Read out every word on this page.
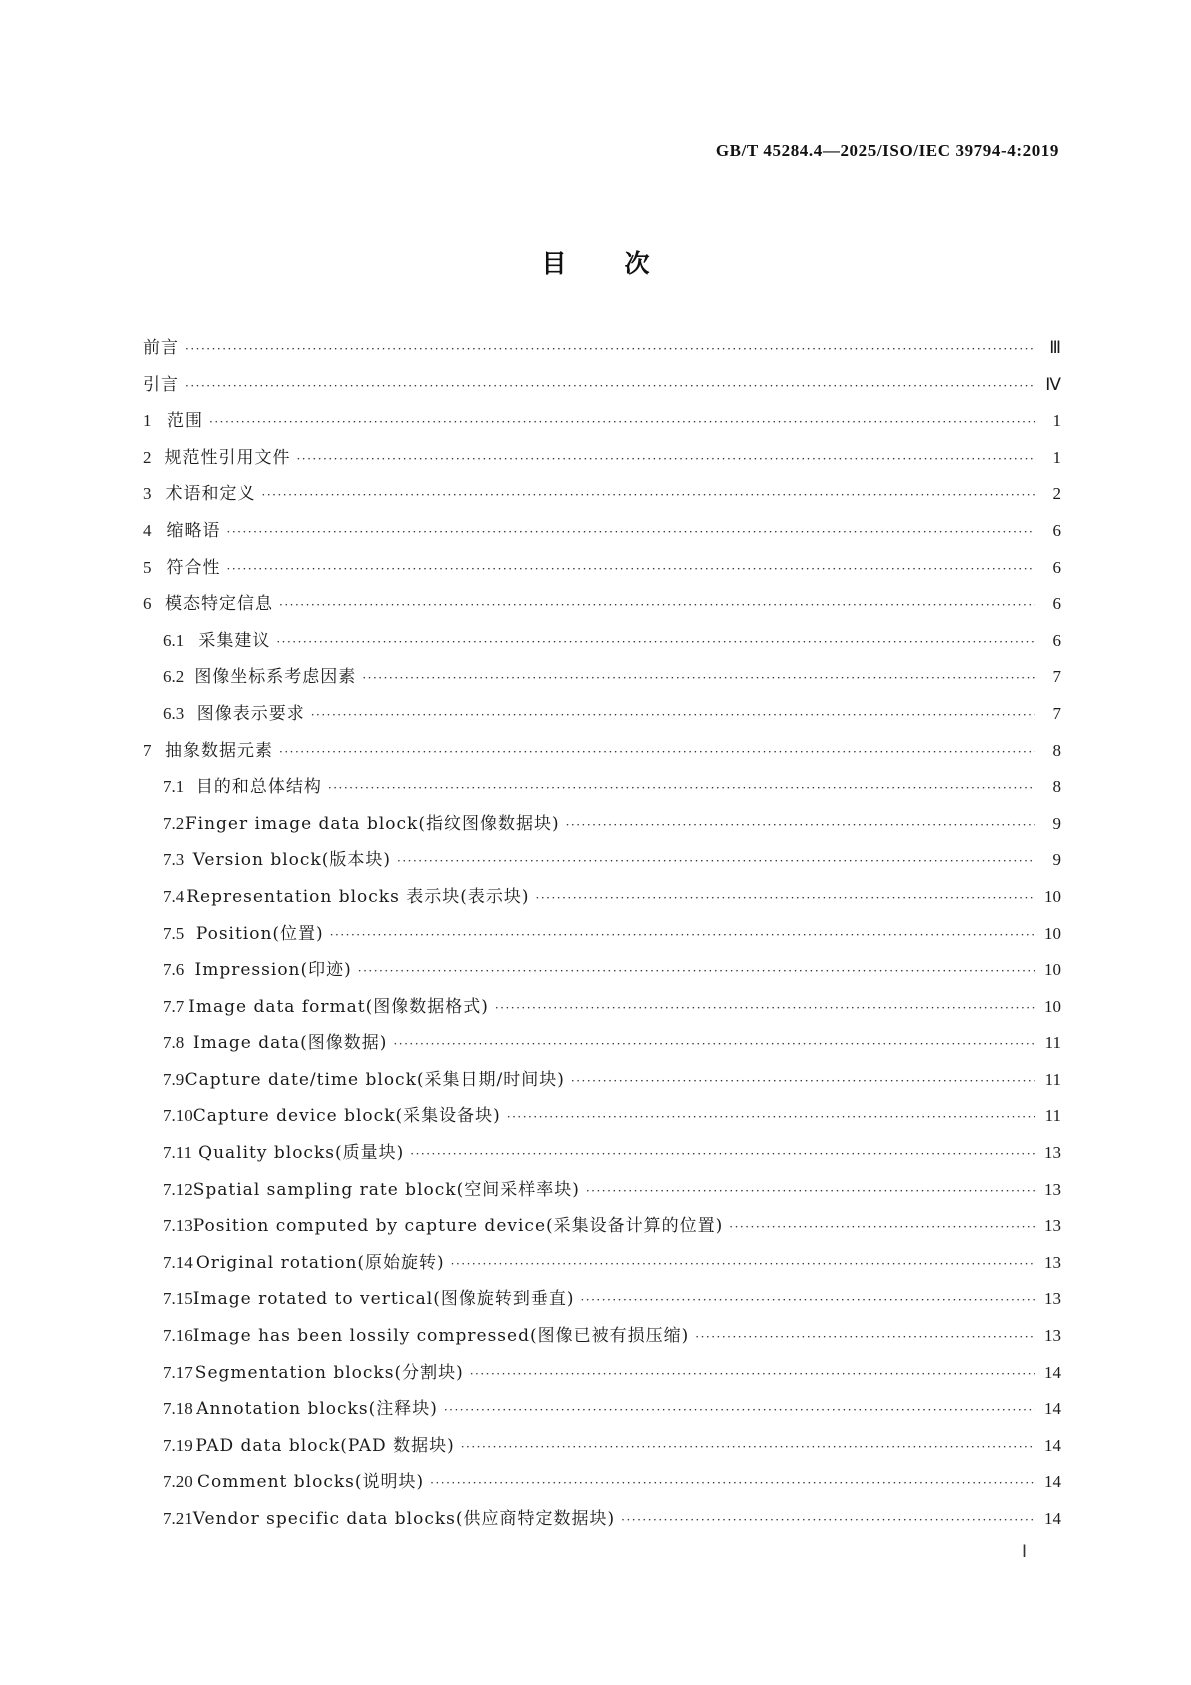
GB/T 45284.4—2025/ISO/IEC 39794-4:2019
目次
前言 ·····	Ⅲ
引言 ·····	Ⅳ
1 范围 ·····	1
2 规范性引用文件 ·····	1
3 术语和定义 ·····	2
4 缩略语 ·····	6
5 符合性 ·····	6
6 模态特定信息 ·····	6
6.1 采集建议 ·····	6
6.2 图像坐标系考虑因素 ·····	7
6.3 图像表示要求 ·····	7
7 抽象数据元素 ·····	8
7.1 目的和总体结构 ·····	8
7.2 Finger image data block(指纹图像数据块) ·····	9
7.3 Version block(版本块) ·····	9
7.4 Representation blocks 表示块(表示块) ·····	10
7.5 Position(位置) ·····	10
7.6 Impression(印迹) ·····	10
7.7 Image data format(图像数据格式) ·····	10
7.8 Image data(图像数据) ·····	11
7.9 Capture date/time block(采集日期/时间块) ·····	11
7.10 Capture device block(采集设备块) ·····	11
7.11 Quality blocks(质量块) ·····	13
7.12 Spatial sampling rate block(空间采样率块) ·····	13
7.13 Position computed by capture device(采集设备计算的位置) ·····	13
7.14 Original rotation(原始旋转) ·····	13
7.15 Image rotated to vertical(图像旋转到垂直) ·····	13
7.16 Image has been lossily compressed(图像已被有损压缩) ·····	13
7.17 Segmentation blocks(分割块) ·····	14
7.18 Annotation blocks(注释块) ·····	14
7.19 PAD data block(PAD 数据块) ·····	14
7.20 Comment blocks(说明块) ·····	14
7.21 Vendor specific data blocks(供应商特定数据块) ·····	14
Ⅰ
